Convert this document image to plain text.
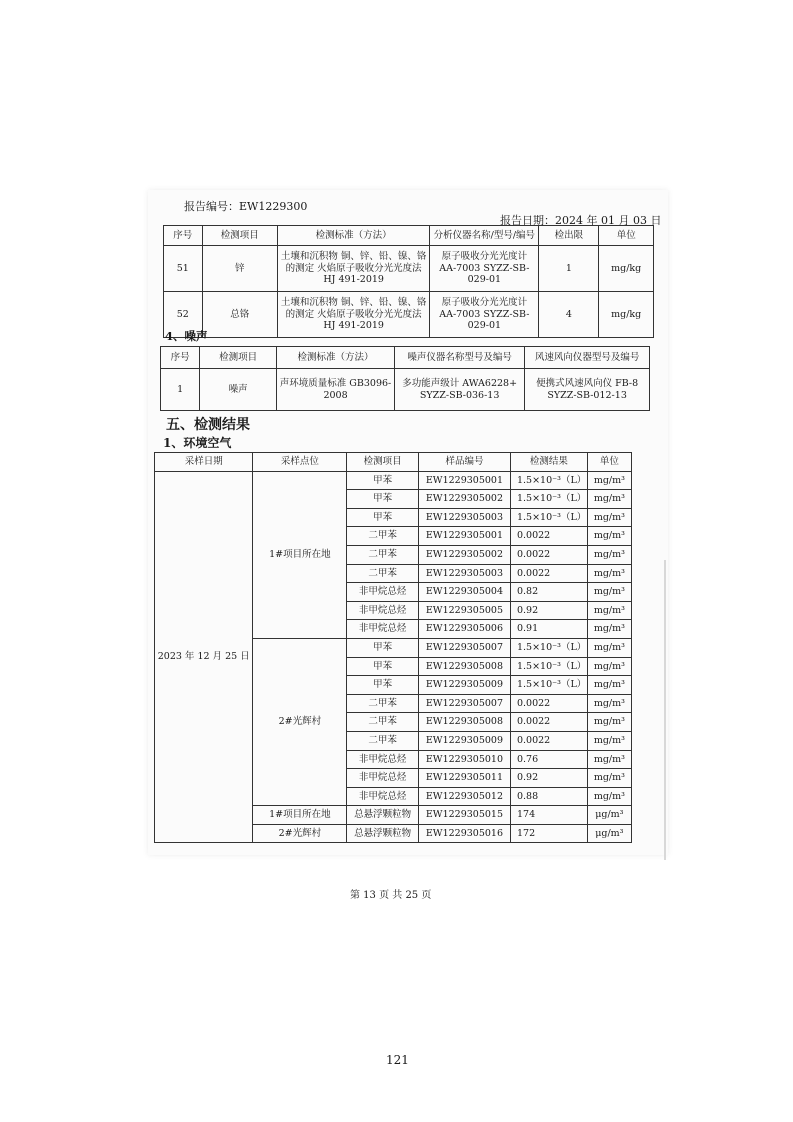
报告编号：EW1229300
报告日期：2024 年 01 月 03 日
序号	检测项目	检测标准（方法）	分析仪器名称/型号/编号	检出限	单位
51	锌	土壤和沉积物 铜、锌、铅、镍、铬的测定 火焰原子吸收分光光度法 HJ 491-2019	原子吸收分光光度计 AA-7003 SYZZ-SB-029-01	1	mg/kg
52	总铬	土壤和沉积物 铜、锌、铅、镍、铬的测定 火焰原子吸收分光光度法 HJ 491-2019	原子吸收分光光度计 AA-7003 SYZZ-SB-029-01	4	mg/kg
4、噪声
序号	检测项目	检测标准（方法）	噪声仪器名称型号及编号	风速风向仪器型号及编号
1	噪声	声环境质量标准 GB3096-2008	多功能声级计 AWA6228+ SYZZ-SB-036-13	便携式风速风向仪 FB-8 SYZZ-SB-012-13
五、检测结果
1、环境空气
采样日期	采样点位	检测项目	样品编号	检测结果	单位
2023 年 12 月 25 日	1#项目所在地	甲苯	EW1229305001	1.5×10⁻³（L）	mg/m³
		甲苯	EW1229305002	1.5×10⁻³（L）	mg/m³
		甲苯	EW1229305003	1.5×10⁻³（L）	mg/m³
		二甲苯	EW1229305001	0.0022	mg/m³
		二甲苯	EW1229305002	0.0022	mg/m³
		二甲苯	EW1229305003	0.0022	mg/m³
		非甲烷总烃	EW1229305004	0.82	mg/m³
		非甲烷总烃	EW1229305005	0.92	mg/m³
		非甲烷总烃	EW1229305006	0.91	mg/m³
	2#光辉村	甲苯	EW1229305007	1.5×10⁻³（L）	mg/m³
		甲苯	EW1229305008	1.5×10⁻³（L）	mg/m³
		甲苯	EW1229305009	1.5×10⁻³（L）	mg/m³
		二甲苯	EW1229305007	0.0022	mg/m³
		二甲苯	EW1229305008	0.0022	mg/m³
		二甲苯	EW1229305009	0.0022	mg/m³
		非甲烷总烃	EW1229305010	0.76	mg/m³
		非甲烷总烃	EW1229305011	0.92	mg/m³
		非甲烷总烃	EW1229305012	0.88	mg/m³
	1#项目所在地	总悬浮颗粒物	EW1229305015	174	μg/m³
	2#光辉村	总悬浮颗粒物	EW1229305016	172	μg/m³
第 13 页 共 25 页
121
